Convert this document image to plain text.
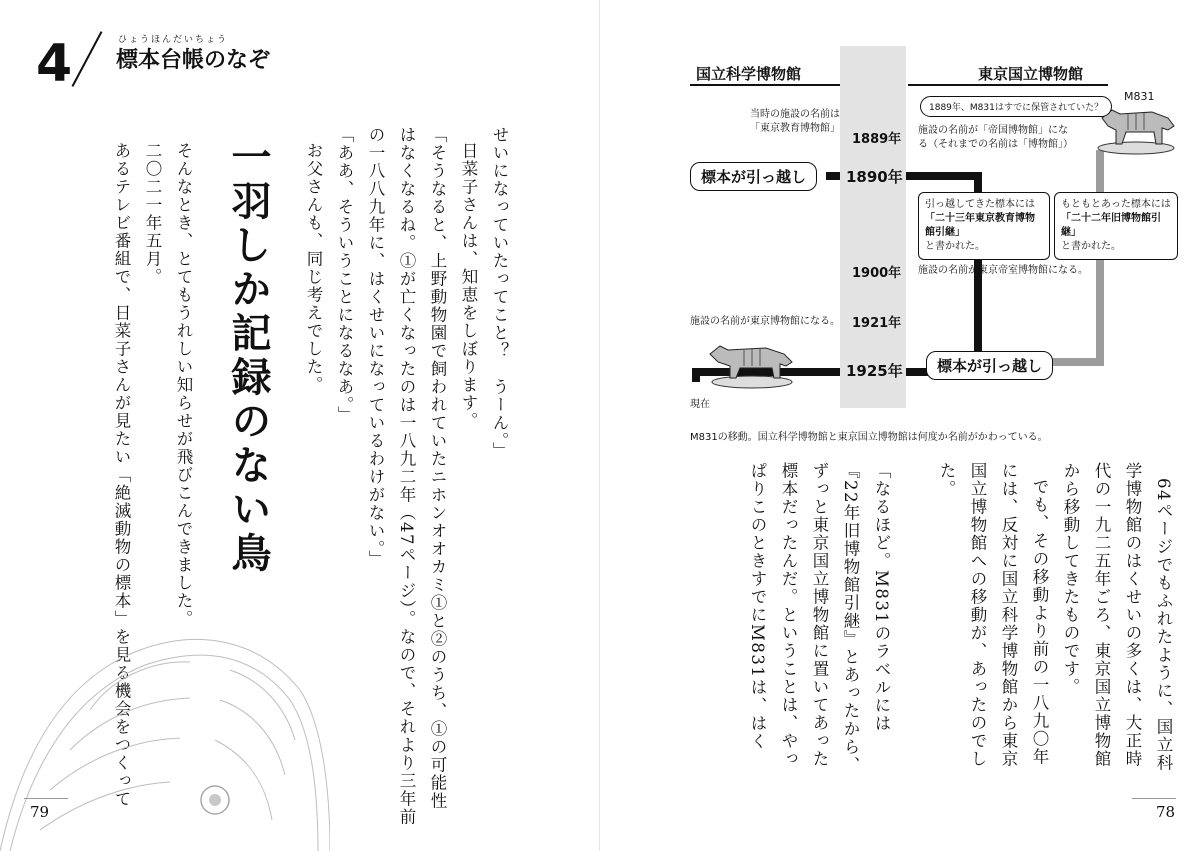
4	ひょうほんだいちょう
標本台帳のなぞ
せいになっていたってこと？　うーん。」
日菜子さんは、知恵をしぼります。
「そうなると、上野動物園で飼われていたニホンオオカミ①と②のうち、①の可能性
はなくなるね。①が亡くなったのは一八九二年（47ページ）。なので、それより三年前
の一八八九年に、はくせいになっているわけがない。」
「ああ、そういうことになるなあ。」
お父さんも、同じ考えでした。
一羽しか記録のない鳥
そんなとき、とてもうれしい知らせが飛びこんできました。
二〇二一年五月。
あるテレビ番組で、日菜子さんが見たい「絶滅動物の標本」を見る機会をつくって
79
国立科学博物館	東京国立博物館
M831
1889年、M831はすでに保管されていた？
当時の施設の名前は「東京教育博物館」
1889年
1890年
1900年
1921年
1925年
施設の名前が「帝国博物館」になる（それまでの名前は「博物館」）
施設の名前が東京帝室博物館になる。
施設の名前が東京博物館になる。
標本が引っ越し
標本が引っ越し
引っ越してきた標本には
「二十三年東京教育博物館引継」
と書かれた。
もともとあった標本には
「二十二年旧博物館引継」
と書かれた。
現在
M831の移動。国立科学博物館と東京国立博物館は何度か名前がかわっている。
64ページでもふれたように、国立科
学博物館のはくせいの多くは、大正時
代の一九二五年ごろ、東京国立博物館
から移動してきたものです。
でも、その移動より前の一八九〇年
には、反対に国立科学博物館から東京
国立博物館への移動が、あったのでし
た。
「なるほど。M831のラベルには
『22年旧博物館引継』とあったから、
ずっと東京国立博物館に置いてあった
標本だったんだ。ということは、やっ
ぱりこのときすでにM831は、はく
78
